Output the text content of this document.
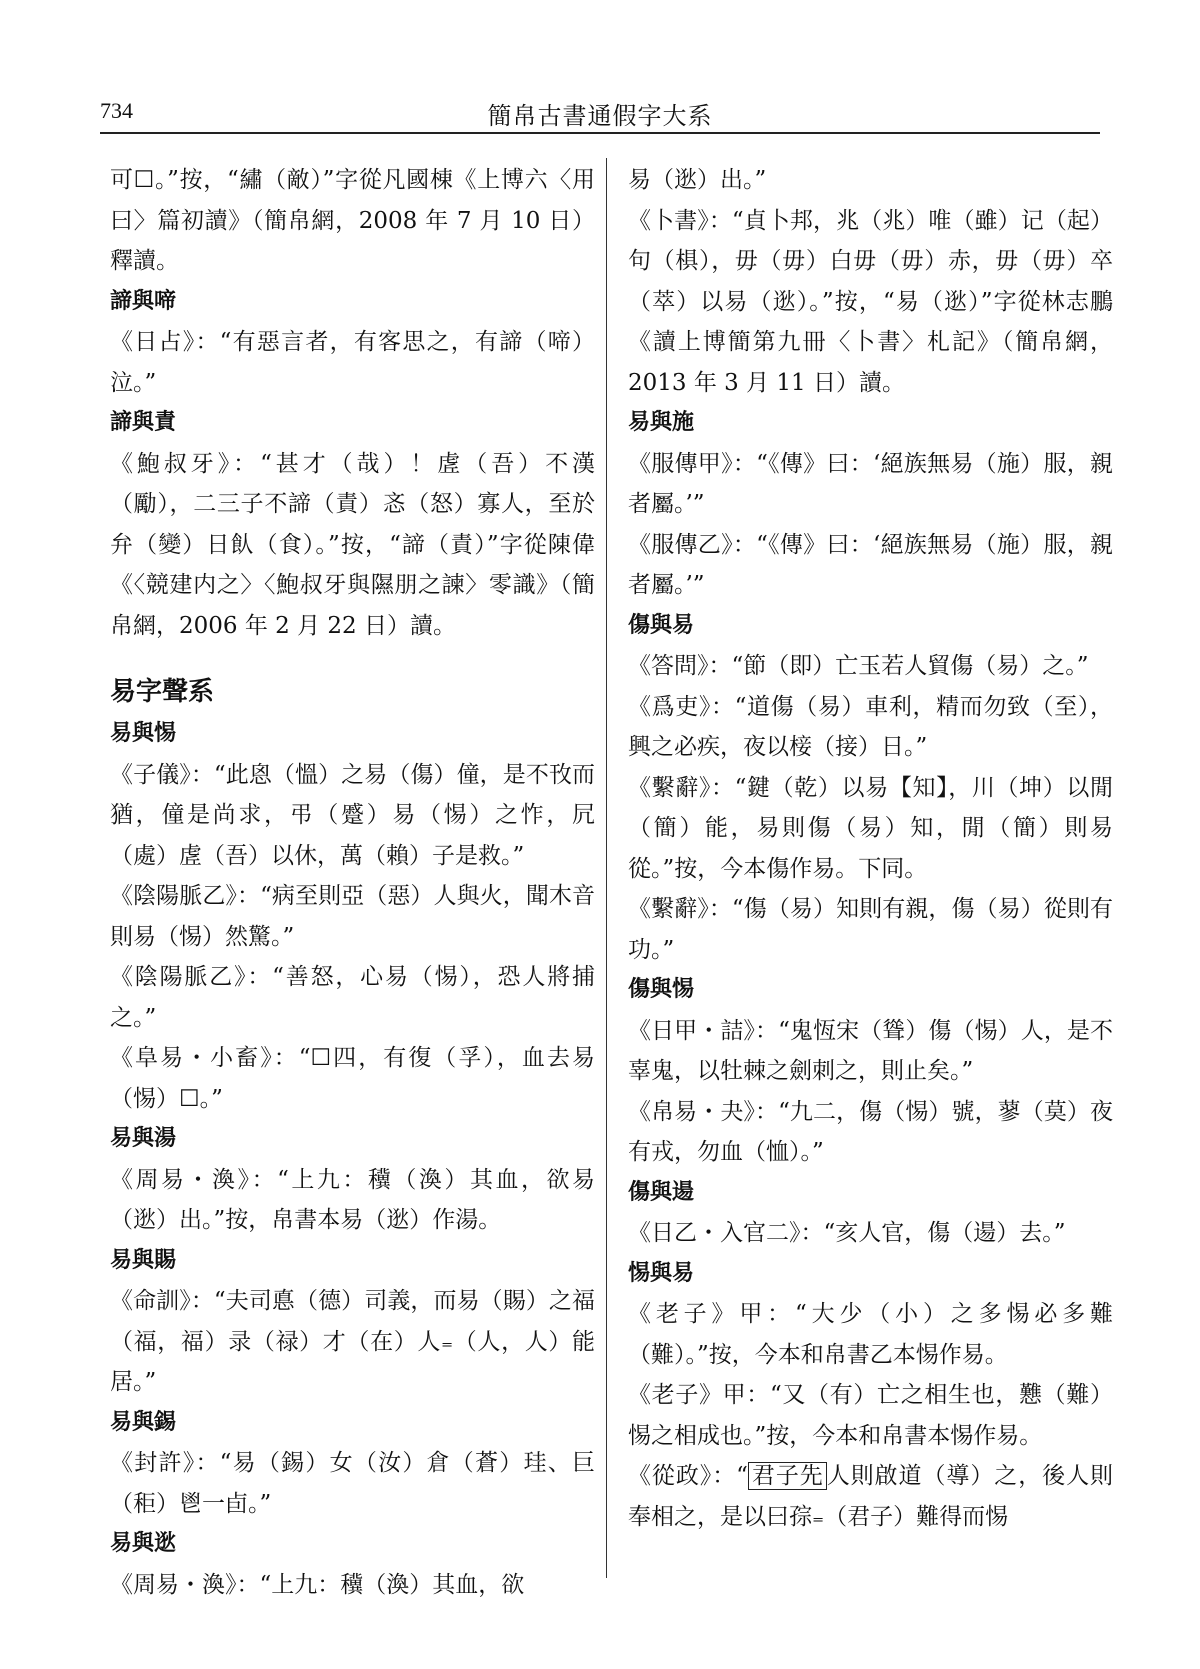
734	簡帛古書通假字大系

可☐。”按，“繡（敵）”字從凡國棟《上博六〈用曰〉篇初讀》（簡帛網，2008 年 7 月 10 日）釋讀。

諦與啼

《日占》：“有惡言者，有客思之，有諦（啼）泣。”

諦與責

《鮑叔牙》：“甚才（哉）！虗（吾）不漢（勵），二三子不諦（責）忞（怒）寡人，至於弁（變）日飤（食）。”按，“諦（責）”字從陳偉《〈競建内之〉〈鮑叔牙與隰朋之諫〉零識》（簡帛網，2006 年 2 月 22 日）讀。

易字聲系
易與惕

《子儀》：“此恖（慍）之易（傷）僮，是不攼而猶，僮是尚求，弔（蹙）易（惕）之怍，凥（處）虗（吾）以休，萬（賴）子是救。”

《陰陽脈乙》：“病至則亞（惡）人與火，聞木音則易（惕）然驚。”

《陰陽脈乙》：“善怒，心易（惕），恐人將捕之。”

《阜易・小畜》：“☐四，有復（孚），血去易（惕）☐。”

易與湯

《周易・渙》：“上九：䆊（渙）其血，欲易（逖）出。”按，帛書本易（逖）作湯。

易與賜

《命訓》：“夫司悳（德）司義，而易（賜）之福（福，福）录（禄）才（在）人₌（人，人）能居。”

易與錫

《封許》：“易（錫）女（汝）倉（蒼）珪、巨（秬）鬯一卣。”

易與逖

《周易・渙》：“上九：䆊（渙）其血，欲

易（逖）出。”

《卜書》：“貞卜邦，兆（兆）唯（雖）记（起）句（椇），毋（毋）白毋（毋）赤，毋（毋）卒（萃）以易（逖）。”按，“易（逖）”字從林志鵬《讀上博簡第九冊〈卜書〉札記》（簡帛網，2013 年 3 月 11 日）讀。

易與施

《服傳甲》：“《傳》曰：‘絕族無易（施）服，親者屬。’”

《服傳乙》：“《傳》曰：‘絕族無易（施）服，親者屬。’”

傷與易

《答問》：“節（即）亡玉若人貿傷（易）之。”

《爲吏》：“道傷（易）車利，精而勿致（至），興之必疾，夜以椄（接）日。”

《繫辭》：“鍵（乾）以易【知】，川（坤）以閒（簡）能，易則傷（易）知，閒（簡）則易從。”按，今本傷作易。下同。

《繫辭》：“傷（易）知則有親，傷（易）從則有功。”

傷與惕

《日甲・詰》：“鬼恆宋（聳）傷（惕）人，是不辜鬼，以牡棘之劍刺之，則止矣。”

《帛易・夬》：“九二，傷（惕）號，蓼（莫）夜有戎，勿血（恤）。”

傷與逿

《日乙・入官二》：“亥人官，傷（逿）去。”

惕與易

《老子》甲：“大少（小）之多惕必多難（難）。”按，今本和帛書乙本惕作易。

《老子》甲：“又（有）亡之相生也，戁（難）惕之相成也。”按，今本和帛書本惕作易。

《從政》：“ 君子先 人則啟道（導）之，後人則奉相之，是以曰孮₌（君子）難得而惕
